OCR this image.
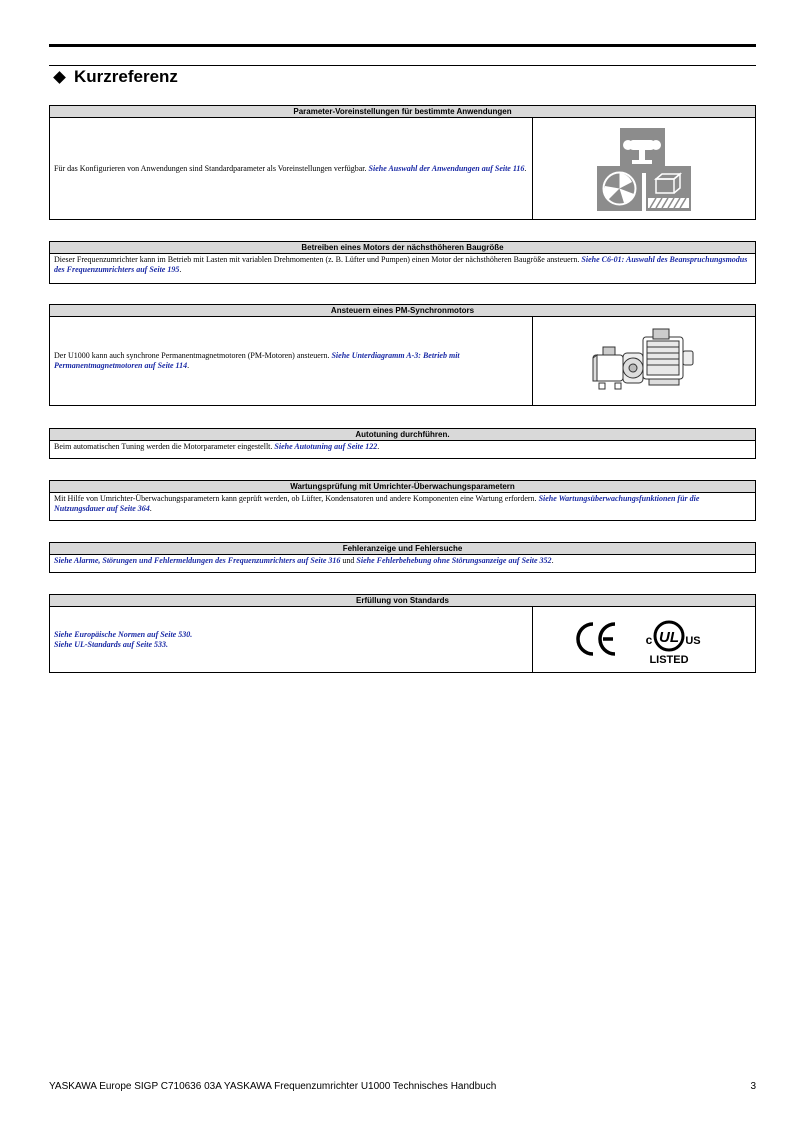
Kurzreferenz
Parameter-Voreinstellungen für bestimmte Anwendungen
Für das Konfigurieren von Anwendungen sind Standardparameter als Voreinstellungen verfügbar. Siehe Auswahl der Anwendungen auf Seite 116.
Betreiben eines Motors der nächsthöheren Baugröße
Dieser Frequenzumrichter kann im Betrieb mit Lasten mit variablen Drehmomenten (z. B. Lüfter und Pumpen) einen Motor der nächsthöheren Baugröße ansteuern. Siehe C6-01: Auswahl des Beanspruchungsmodus des Frequenzumrichters auf Seite 195.
Ansteuern eines PM-Synchronmotors
Der U1000 kann auch synchrone Permanentmagnetmotoren (PM-Motoren) ansteuern. Siehe Unterdiagramm A-3: Betrieb mit Permanentmagnetmotoren auf Seite 114.
Autotuning durchführen.
Beim automatischen Tuning werden die Motorparameter eingestellt. Siehe Autotuning auf Seite 122.
Wartungsprüfung mit Umrichter-Überwachungsparametern
Mit Hilfe von Umrichter-Überwachungsparametern kann geprüft werden, ob Lüfter, Kondensatoren und andere Komponenten eine Wartung erfordern. Siehe Wartungsüberwachungsfunktionen für die Nutzungsdauer auf Seite 364.
Fehleranzeige und Fehlersuche
Siehe Alarme, Störungen und Fehlermeldungen des Frequenzumrichters auf Seite 316 und Siehe Fehlerbehebung ohne Störungsanzeige auf Seite 352.
Erfüllung von Standards
Siehe Europäische Normen auf Seite 530.
Siehe UL-Standards auf Seite 533.	UL
c	US
LISTED
YASKAWA Europe SIGP C710636 03A YASKAWA Frequenzumrichter U1000 Technisches Handbuch	3
